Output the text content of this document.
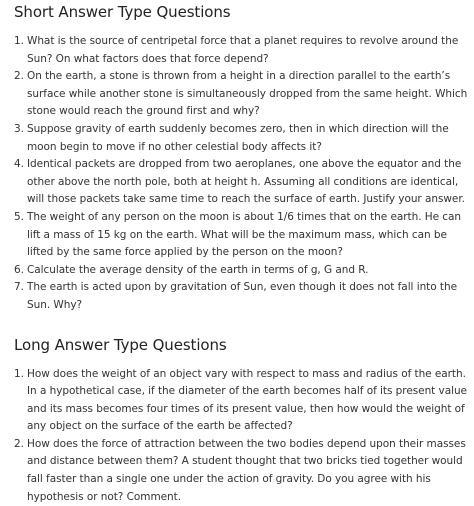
Short Answer Type Questions
1. What is the source of centripetal force that a planet requires to revolve around the Sun? On what factors does that force depend?
2. On the earth, a stone is thrown from a height in a direction parallel to the earth’s surface while another stone is simultaneously dropped from the same height. Which stone would reach the ground first and why?
3. Suppose gravity of earth suddenly becomes zero, then in which direction will the moon begin to move if no other celestial body affects it?
4. Identical packets are dropped from two aeroplanes, one above the equator and the other above the north pole, both at height h. Assuming all conditions are identical, will those packets take same time to reach the surface of earth. Justify your answer.
5. The weight of any person on the moon is about 1/6 times that on the earth. He can lift a mass of 15 kg on the earth. What will be the maximum mass, which can be lifted by the same force applied by the person on the moon?
6. Calculate the average density of the earth in terms of g, G and R.
7. The earth is acted upon by gravitation of Sun, even though it does not fall into the Sun. Why?
Long Answer Type Questions
1. How does the weight of an object vary with respect to mass and radius of the earth. In a hypothetical case, if the diameter of the earth becomes half of its present value and its mass becomes four times of its present value, then how would the weight of any object on the surface of the earth be affected?
2. How does the force of attraction between the two bodies depend upon their masses and distance between them? A student thought that two bricks tied together would fall faster than a single one under the action of gravity. Do you agree with his hypothesis or not? Comment.
